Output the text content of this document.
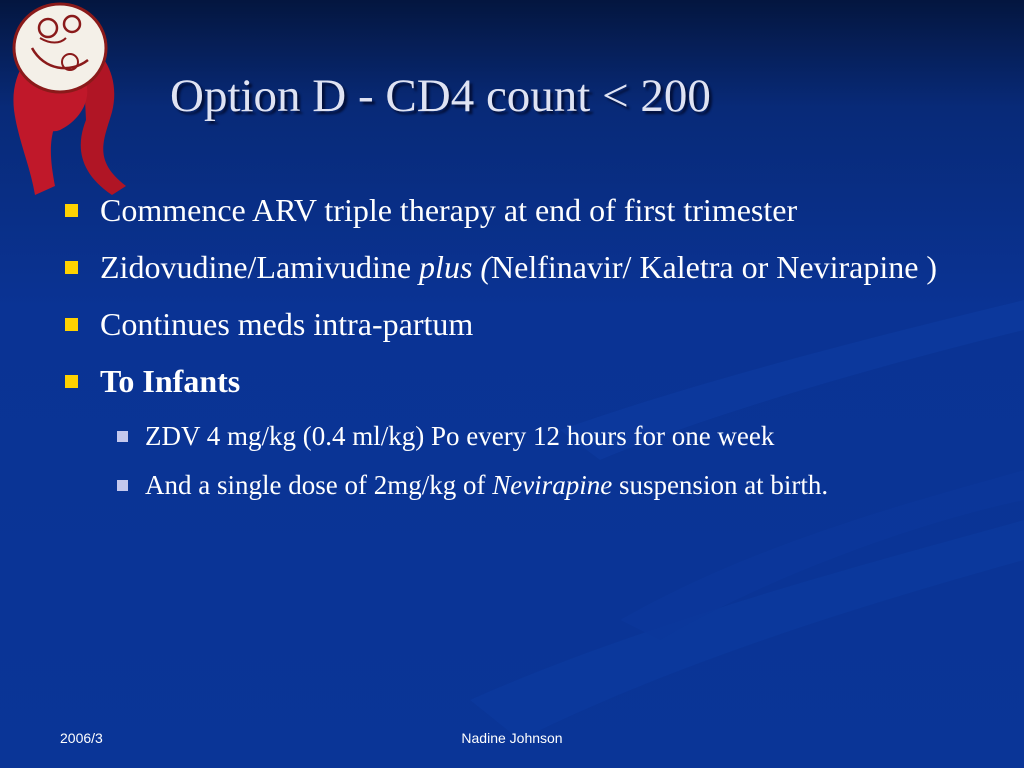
Option D - CD4 count < 200
Commence ARV triple therapy at end of first trimester
Zidovudine/Lamivudine plus (Nelfinavir/ Kaletra or Nevirapine )
Continues meds intra-partum
To Infants
ZDV 4 mg/kg (0.4 ml/kg) Po every 12 hours for one week
And a single dose of 2mg/kg of Nevirapine suspension at birth.
2006/3	Nadine Johnson
